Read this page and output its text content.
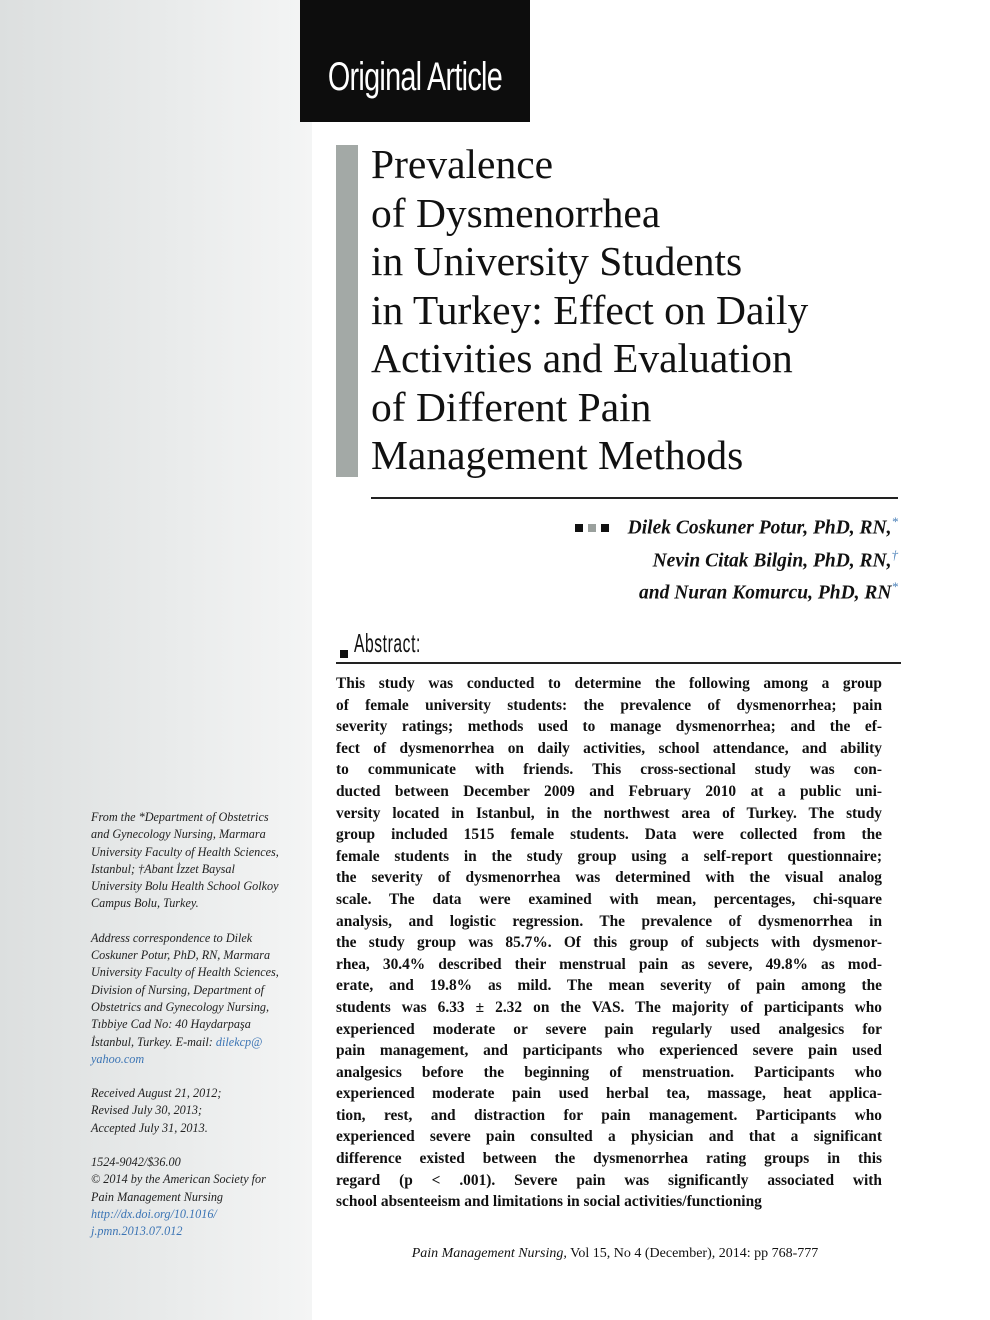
Original Article
Prevalence
of Dysmenorrhea
in University Students
in Turkey: Effect on Daily
Activities and Evaluation
of Different Pain
Management Methods
Dilek Coskuner Potur, PhD, RN,*
Nevin Citak Bilgin, PhD, RN,†
and Nuran Komurcu, PhD, RN*
Abstract:
This study was conducted to determine the following among a group
of female university students: the prevalence of dysmenorrhea; pain
severity ratings; methods used to manage dysmenorrhea; and the ef-
fect of dysmenorrhea on daily activities, school attendance, and ability
to communicate with friends. This cross-sectional study was con-
ducted between December 2009 and February 2010 at a public uni-
versity located in Istanbul, in the northwest area of Turkey. The study
group included 1515 female students. Data were collected from the
female students in the study group using a self-report questionnaire;
the severity of dysmenorrhea was determined with the visual analog
scale. The data were examined with mean, percentages, chi-square
analysis, and logistic regression. The prevalence of dysmenorrhea in
the study group was 85.7%. Of this group of subjects with dysmenor-
rhea, 30.4% described their menstrual pain as severe, 49.8% as mod-
erate, and 19.8% as mild. The mean severity of pain among the
students was 6.33 ± 2.32 on the VAS. The majority of participants who
experienced moderate or severe pain regularly used analgesics for
pain management, and participants who experienced severe pain used
analgesics before the beginning of menstruation. Participants who
experienced moderate pain used herbal tea, massage, heat applica-
tion, rest, and distraction for pain management. Participants who
experienced severe pain consulted a physician and that a significant
difference existed between the dysmenorrhea rating groups in this
regard (p < .001). Severe pain was significantly associated with
school absenteeism and limitations in social activities/functioning

From the *Department of Obstetrics
and Gynecology Nursing, Marmara
University Faculty of Health Sciences,
Istanbul; †Abant İzzet Baysal
University Bolu Health School Golkoy
Campus Bolu, Turkey.

Address correspondence to Dilek
Coskuner Potur, PhD, RN, Marmara
University Faculty of Health Sciences,
Division of Nursing, Department of
Obstetrics and Gynecology Nursing,
Tıbbiye Cad No: 40 Haydarpaşa
İstanbul, Turkey. E-mail: dilekcp@
yahoo.com

Received August 21, 2012;
Revised July 30, 2013;
Accepted July 31, 2013.

1524-9042/$36.00
© 2014 by the American Society for
Pain Management Nursing
http://dx.doi.org/10.1016/
j.pmn.2013.07.012

Pain Management Nursing, Vol 15, No 4 (December), 2014: pp 768-777
